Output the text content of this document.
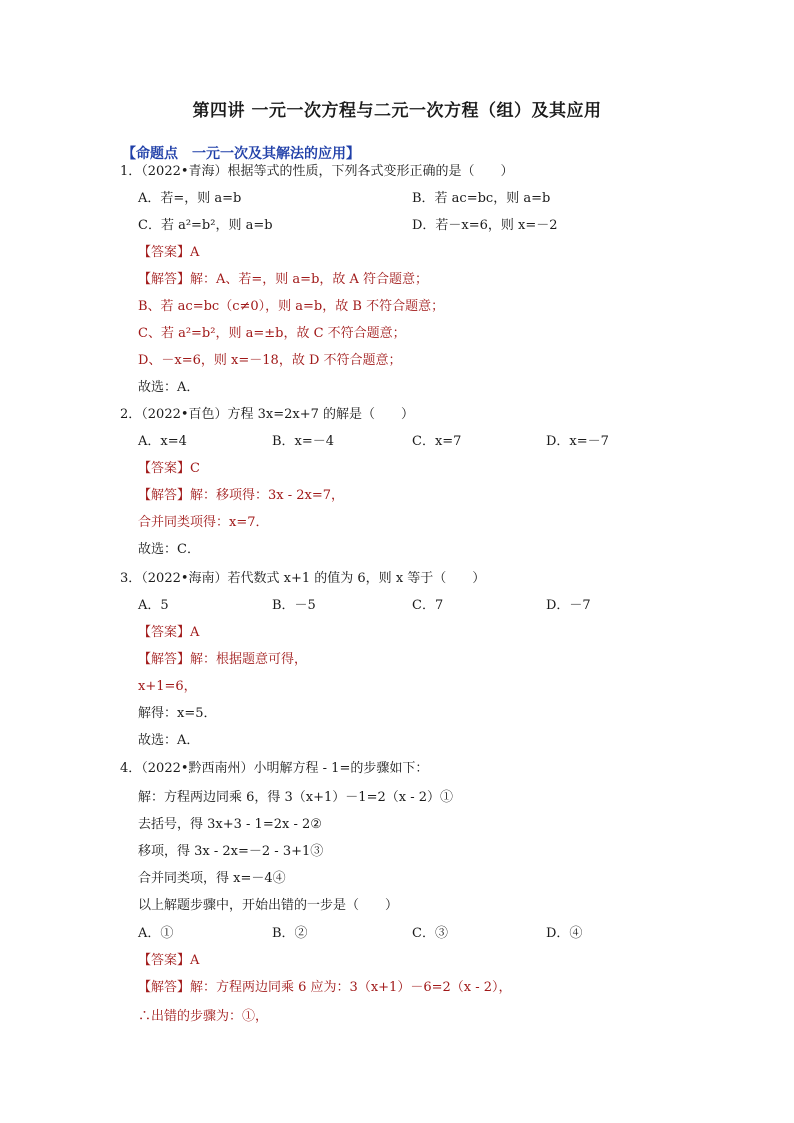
第四讲 一元一次方程与二元一次方程（组）及其应用
【命题点　一元一次及其解法的应用】
1．（2022•青海）根据等式的性质，下列各式变形正确的是（　　）
A．若=，则 a=b	B．若 ac=bc，则 a=b
C．若 a²=b²，则 a=b	D．若－x=6，则 x=－2
【答案】A
【解答】解：A、若=，则 a=b，故 A 符合题意；
B、若 ac=bc（c≠0），则 a=b，故 B 不符合题意；
C、若 a²=b²，则 a=±b，故 C 不符合题意；
D、－x=6，则 x=－18，故 D 不符合题意；
故选：A．
2．（2022•百色）方程 3x=2x+7 的解是（　　）
A．x=4	B．x=－4	C．x=7	D．x=－7
【答案】C
【解答】解：移项得：3x - 2x=7，
合并同类项得：x=7．
故选：C．
3．（2022•海南）若代数式 x+1 的值为 6，则 x 等于（　　）
A．5	B．－5	C．7	D．－7
【答案】A
【解答】解：根据题意可得，
x+1=6，
解得：x=5．
故选：A．
4．（2022•黔西南州）小明解方程 - 1=的步骤如下：
解：方程两边同乘 6，得 3（x+1）－1=2（x - 2）①
去括号，得 3x+3 - 1=2x - 2②
移项，得 3x - 2x=－2 - 3+1③
合并同类项，得 x=－4④
以上解题步骤中，开始出错的一步是（　　）
A．①	B．②	C．③	D．④
【答案】A
【解答】解：方程两边同乘 6 应为：3（x+1）－6=2（x - 2），
∴出错的步骤为：①，
